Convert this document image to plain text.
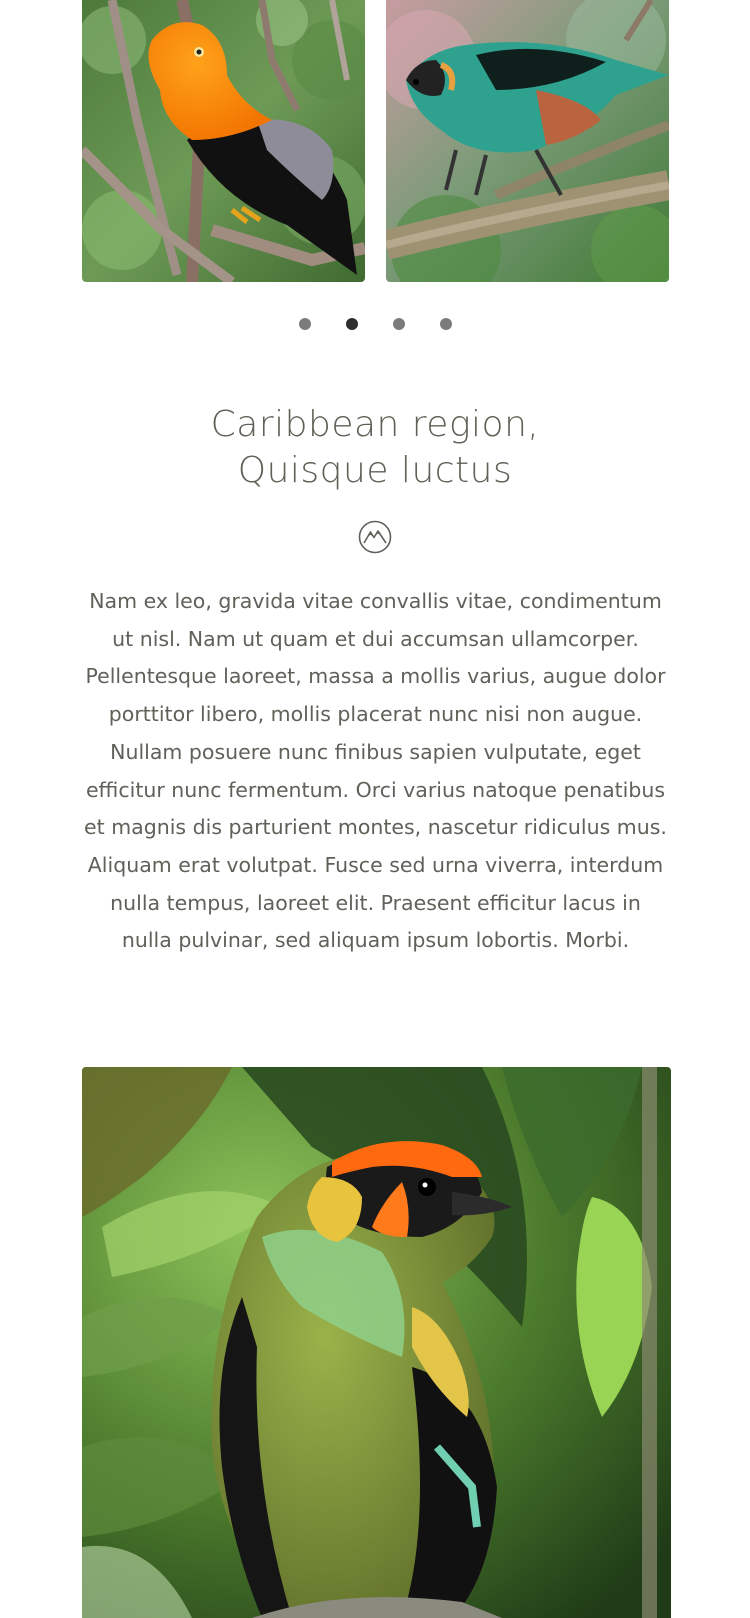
Caribbean region,
Quisque luctus

Nam ex leo, gravida vitae convallis vitae, condimentum ut nisl. Nam ut quam et dui accumsan ullamcorper. Pellentesque laoreet, massa a mollis varius, augue dolor porttitor libero, mollis placerat nunc nisi non augue. Nullam posuere nunc finibus sapien vulputate, eget efficitur nunc fermentum. Orci varius natoque penatibus et magnis dis parturient montes, nascetur ridiculus mus. Aliquam erat volutpat. Fusce sed urna viverra, interdum nulla tempus, laoreet elit. Praesent efficitur lacus in nulla pulvinar, sed aliquam ipsum lobortis. Morbi.
